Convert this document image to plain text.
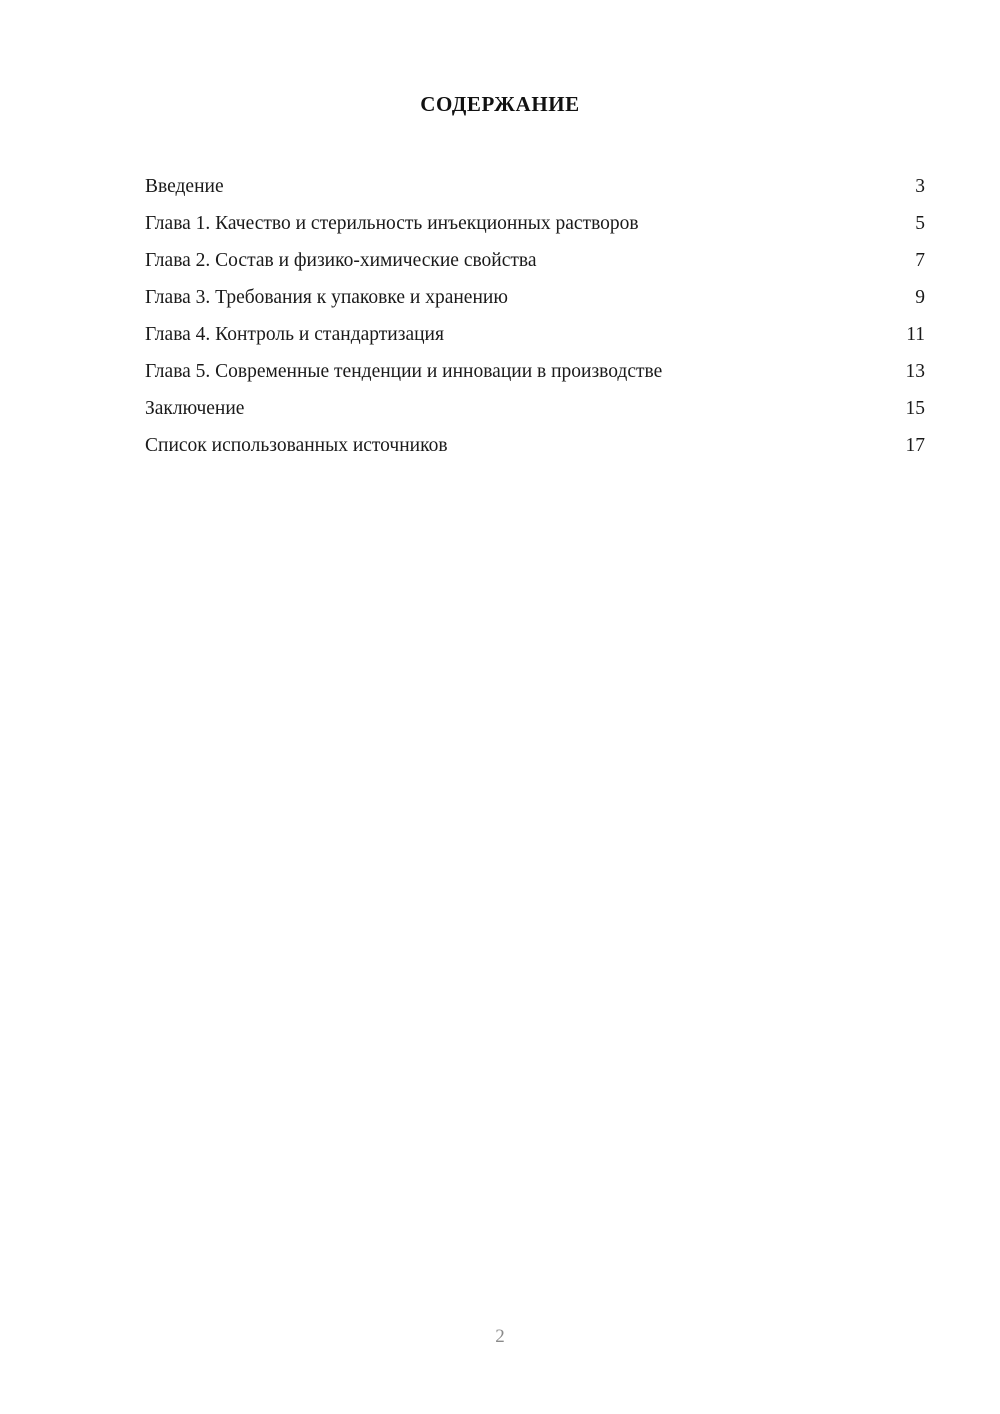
СОДЕРЖАНИЕ
Введение	3
Глава 1. Качество и стерильность инъекционных растворов	5
Глава 2. Состав и физико-химические свойства	7
Глава 3. Требования к упаковке и хранению	9
Глава 4. Контроль и стандартизация	11
Глава 5. Современные тенденции и инновации в производстве	13
Заключение	15
Список использованных источников	17
2
